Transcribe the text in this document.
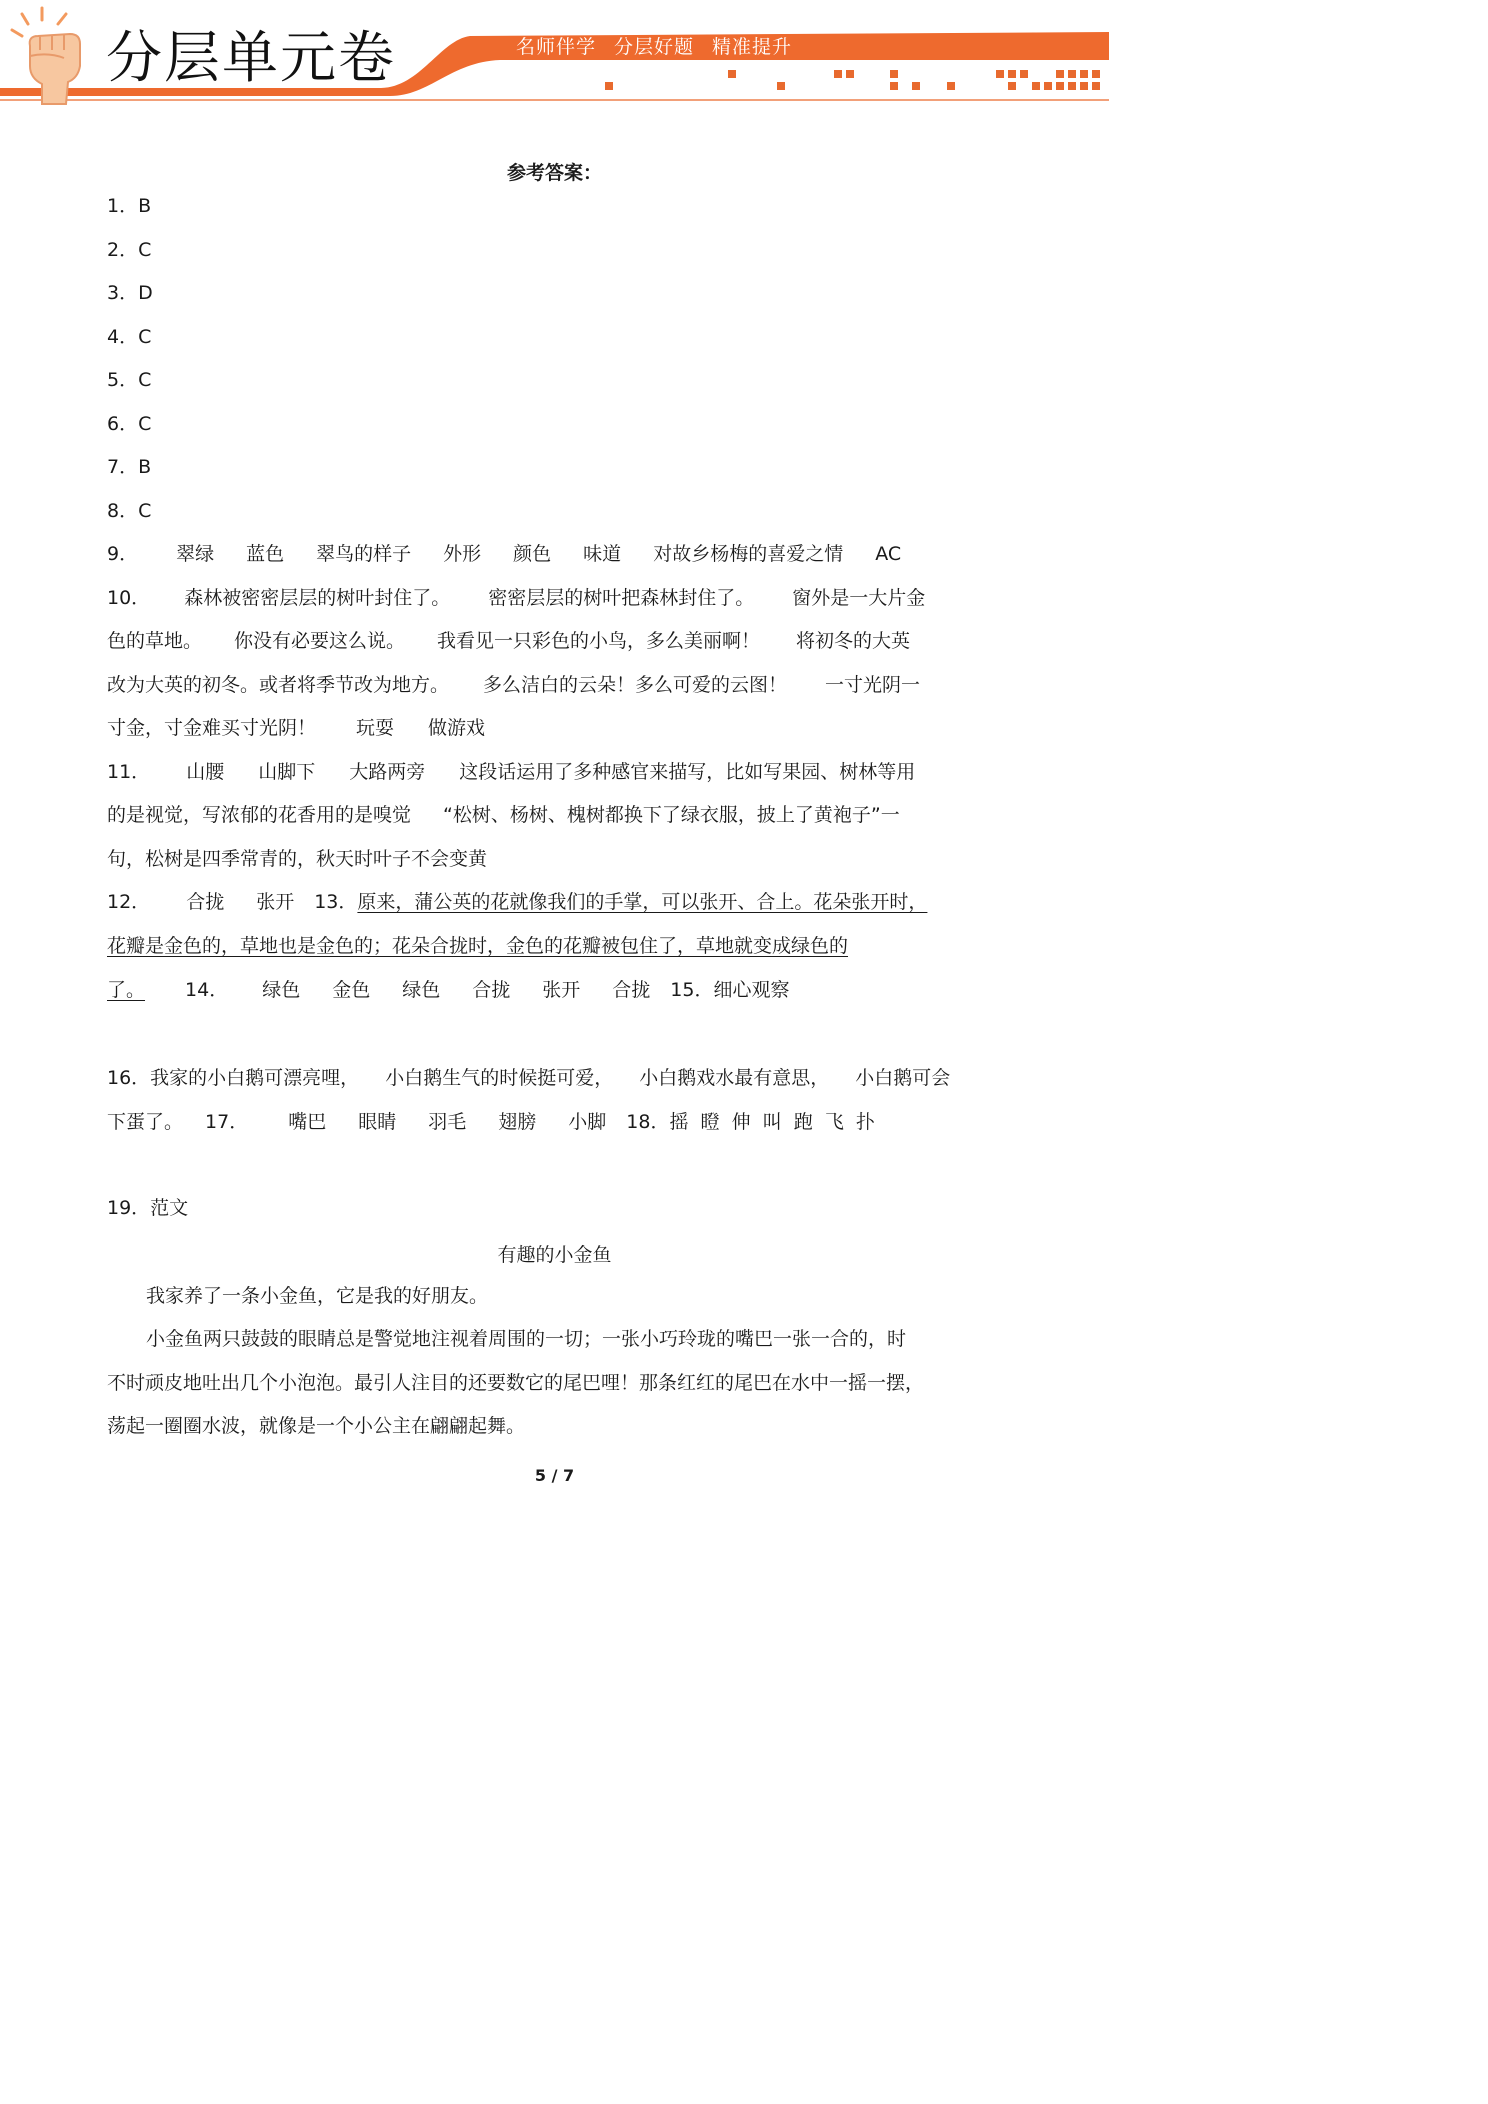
分层单元卷	名师伴学 分层好题 精准提升
参考答案：
1．B
2．C
3．D
4．C
5．C
6．C
7．B
8．C
9． 翠绿 蓝色 翠鸟的样子 外形 颜色 味道 对故乡杨梅的喜爱之情 AC
10． 森林被密密层层的树叶封住了。 密密层层的树叶把森林封住了。 窗外是一大片金
色的草地。 你没有必要这么说。 我看见一只彩色的小鸟，多么美丽啊！ 将初冬的大英
改为大英的初冬。或者将季节改为地方。 多么洁白的云朵！多么可爱的云图！ 一寸光阴一
寸金，寸金难买寸光阴！ 玩耍 做游戏
11． 山腰 山脚下 大路两旁 这段话运用了多种感官来描写，比如写果园、树林等用
的是视觉，写浓郁的花香用的是嗅觉 “松树、杨树、槐树都换下了绿衣服，披上了黄袍子”一
句，松树是四季常青的，秋天时叶子不会变黄
12． 合拢 张开 13．原来，蒲公英的花就像我们的手掌，可以张开、合上。花朵张开时，
花瓣是金色的，草地也是金色的；花朵合拢时，金色的花瓣被包住了，草地就变成绿色的
了。 14． 绿色 金色 绿色 合拢 张开 合拢 15．细心观察
16．我家的小白鹅可漂亮哩， 小白鹅生气的时候挺可爱， 小白鹅戏水最有意思， 小白鹅可会
下蛋了。 17． 嘴巴 眼睛 羽毛 翅膀 小脚 18．摇  瞪  伸  叫  跑  飞  扑
19．范文
有趣的小金鱼
我家养了一条小金鱼，它是我的好朋友。
小金鱼两只鼓鼓的眼睛总是警觉地注视着周围的一切；一张小巧玲珑的嘴巴一张一合的，时
不时顽皮地吐出几个小泡泡。最引人注目的还要数它的尾巴哩！那条红红的尾巴在水中一摇一摆，
荡起一圈圈水波，就像是一个小公主在翩翩起舞。
5 / 7
